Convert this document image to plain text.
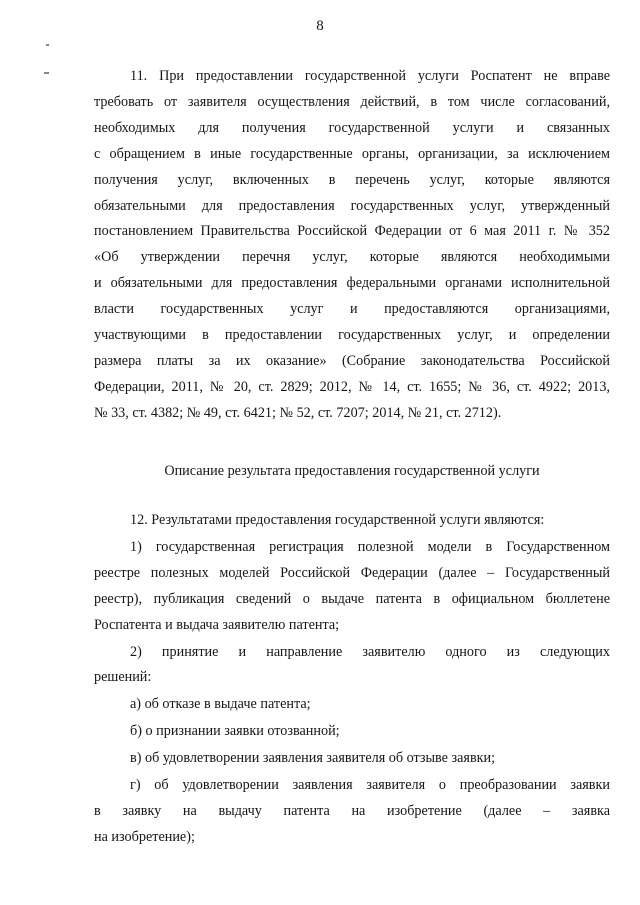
8

11. При предоставлении государственной услуги Роспатент не вправе

требовать от заявителя осуществления действий, в том числе согласований,

необходимых для получения государственной услуги и связанных

с обращением в иные государственные органы, организации, за исключением

получения услуг, включенных в перечень услуг, которые являются

обязательными для предоставления государственных услуг, утвержденный

постановлением Правительства Российской Федерации от 6 мая 2011 г. № 352

«Об утверждении перечня услуг, которые являются необходимыми

и обязательными для предоставления федеральными органами исполнительной

власти государственных услуг и предоставляются организациями,

участвующими в предоставлении государственных услуг, и определении

размера платы за их оказание» (Собрание законодательства Российской

Федерации, 2011, № 20, ст. 2829; 2012, № 14, ст. 1655; № 36, ст. 4922; 2013,

№ 33, ст. 4382; № 49, ст. 6421; № 52, ст. 7207; 2014, № 21, ст. 2712).

Описание результата предоставления государственной услуги

12. Результатами предоставления государственной услуги являются:

1) государственная регистрация полезной модели в Государственном

реестре полезных моделей Российской Федерации (далее – Государственный

реестр), публикация сведений о выдаче патента в официальном бюллетене

Роспатента и выдача заявителю патента;

2) принятие и направление заявителю одного из следующих

решений:

а) об отказе в выдаче патента;

б) о признании заявки отозванной;

в) об удовлетворении заявления заявителя об отзыве заявки;

г) об удовлетворении заявления заявителя о преобразовании заявки

в заявку на выдачу патента на изобретение (далее – заявка

на изобретение);
